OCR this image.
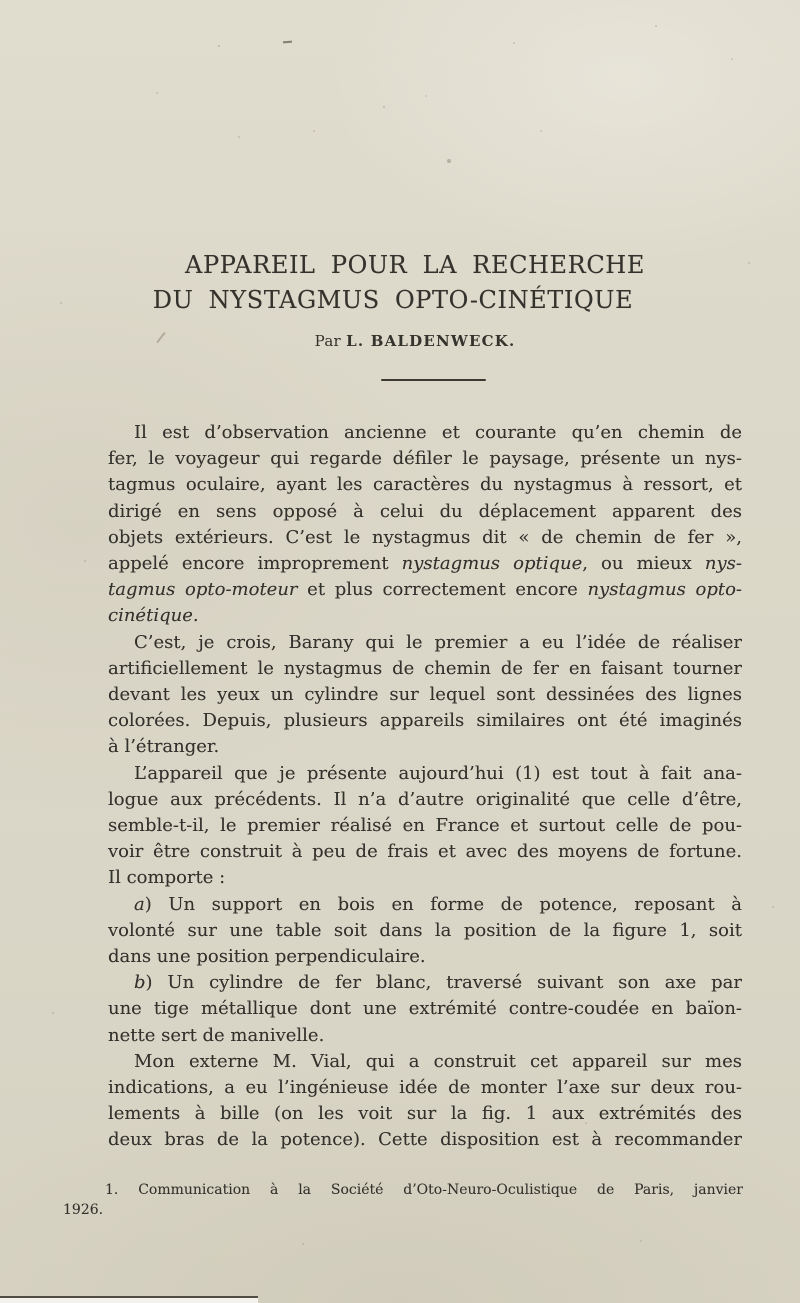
APPAREIL POUR LA RECHERCHE
DU NYSTAGMUS OPTO-CINÉTIQUE
Par L. BALDENWECK.
Il est d’observation ancienne et courante qu’en chemin de
fer, le voyageur qui regarde défiler le paysage, présente un nys-
tagmus oculaire, ayant les caractères du nystagmus à ressort, et
dirigé en sens opposé à celui du déplacement apparent des
objets extérieurs. C’est le nystagmus dit « de chemin de fer »,
appelé encore improprement nystagmus optique, ou mieux nys-
tagmus opto-moteur et plus correctement encore nystagmus opto-
cinétique.
C’est, je crois, Barany qui le premier a eu l’idée de réaliser
artificiellement le nystagmus de chemin de fer en faisant tourner
devant les yeux un cylindre sur lequel sont dessinées des lignes
colorées. Depuis, plusieurs appareils similaires ont été imaginés
à l’étranger.
L’appareil que je présente aujourd’hui (1) est tout à fait ana-
logue aux précédents. Il n’a d’autre originalité que celle d’être,
semble-t-il, le premier réalisé en France et surtout celle de pou-
voir être construit à peu de frais et avec des moyens de fortune.
Il comporte :
a) Un support en bois en forme de potence, reposant à
volonté sur une table soit dans la position de la figure 1, soit
dans une position perpendiculaire.
b) Un cylindre de fer blanc, traversé suivant son axe par
une tige métallique dont une extrémité contre-coudée en baïon-
nette sert de manivelle.
Mon externe M. Vial, qui a construit cet appareil sur mes
indications, a eu l’ingénieuse idée de monter l’axe sur deux rou-
lements à bille (on les voit sur la fig. 1 aux extrémités des
deux bras de la potence). Cette disposition est à recommander
1. Communication à la Société d’Oto-Neuro-Oculistique de Paris, janvier
1926.
